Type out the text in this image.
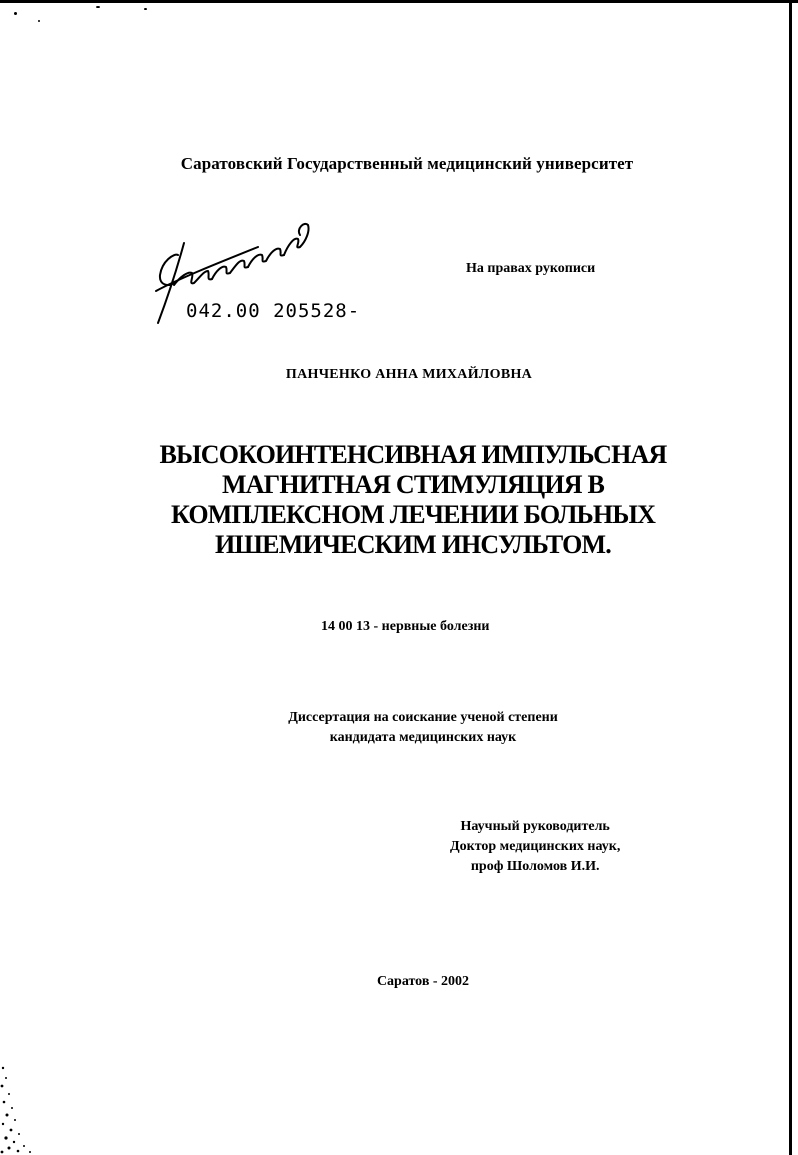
Саратовский Государственный медицинский университет
042.00 205528-
На правах рукописи
ПАНЧЕНКО АННА МИХАЙЛОВНА
ВЫСОКОИНТЕНСИВНАЯ ИМПУЛЬСНАЯ
МАГНИТНАЯ СТИМУЛЯЦИЯ В
КОМПЛЕКСНОМ ЛЕЧЕНИИ БОЛЬНЫХ
ИШЕМИЧЕСКИМ ИНСУЛЬТОМ.
14 00 13 - нервные болезни
Диссертация на соискание ученой степени
кандидата медицинских наук
Научный руководитель
Доктор медицинских наук,
проф Шоломов И.И.
Саратов - 2002
